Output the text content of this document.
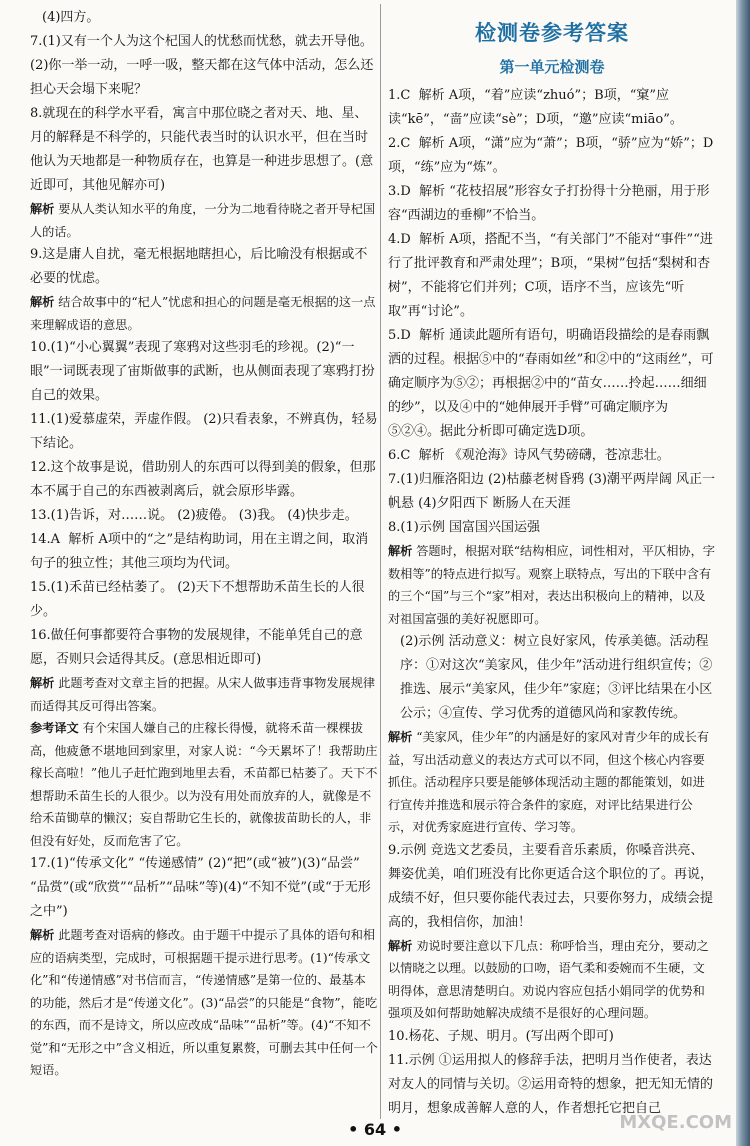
(4)四方。

7.(1)又有一个人为这个杞国人的忧愁而忧愁，就去开导他。(2)你一举一动，一呼一吸，整天都在这气体中活动，怎么还担心天会塌下来呢？

8.就现在的科学水平看，寓言中那位晓之者对天、地、星、月的解释是不科学的，只能代表当时的认识水平，但在当时他认为天地都是一种物质存在，也算是一种进步思想了。(意近即可，其他见解亦可)

解析 要从人类认知水平的角度，一分为二地看待晓之者开导杞国人的话。

9.这是庸人自扰，毫无根据地瞎担心，后比喻没有根据或不必要的忧虑。

解析 结合故事中的“杞人”忧虑和担心的问题是毫无根据的这一点来理解成语的意思。

10.(1)“小心翼翼”表现了寒鸦对这些羽毛的珍视。(2)“一眼”一词既表现了宙斯做事的武断，也从侧面表现了寒鸦打扮自己的效果。

11.(1)爱慕虚荣，弄虚作假。 (2)只看表象，不辨真伪，轻易下结论。

12.这个故事是说，借助别人的东西可以得到美的假象，但那本不属于自己的东西被剥离后，就会原形毕露。

13.(1)告诉，对……说。 (2)疲倦。 (3)我。 (4)快步走。

14.A  解析 A项中的“之”是结构助词，用在主谓之间，取消句子的独立性；其他三项均为代词。

15.(1)禾苗已经枯萎了。 (2)天下不想帮助禾苗生长的人很少。

16.做任何事都要符合事物的发展规律，不能单凭自己的意愿，否则只会适得其反。(意思相近即可)

解析 此题考查对文章主旨的把握。从宋人做事违背事物发展规律而适得其反可得出答案。

参考译文 有个宋国人嫌自己的庄稼长得慢，就将禾苗一棵棵拔高，他疲惫不堪地回到家里，对家人说：“今天累坏了！我帮助庄稼长高啦！”他儿子赶忙跑到地里去看，禾苗都已枯萎了。天下不想帮助禾苗生长的人很少。以为没有用处而放弃的人，就像是不给禾苗锄草的懒汉；妄自帮助它生长的，就像拔苗助长的人，非但没有好处，反而危害了它。

17.(1)“传承文化” “传递感情” (2)“把”(或“被”)(3)“品尝” “品赏”(或“欣赏”“品析”“品味”等)(4)“不知不觉”(或“于无形之中”)

解析 此题考查对语病的修改。由于题干中提示了具体的语句和相应的语病类型，完成时，可根据题干提示进行思考。(1)“传承文化”和“传递情感”对书信而言，“传递情感”是第一位的、最基本的功能，然后才是“传递文化”。(3)“品尝”的只能是“食物”，能吃的东西，而不是诗文，所以应改成“品味”“品析”等。(4)“不知不觉”和“无形之中”含义相近，所以重复累赘，可删去其中任何一个短语。

检测卷参考答案
第一单元检测卷

1.C  解析 A项，“着”应读“zhuó”；B项，“窠”应读“kē”，“啬”应读“sè”；D项，“邀”应读“miāo”。

2.C  解析 A项，“潇”应为“萧”；B项，“骄”应为“娇”；D项，“练”应为“炼”。

3.D  解析 “花枝招展”形容女子打扮得十分艳丽，用于形容“西湖边的垂柳”不恰当。

4.D  解析 A项，搭配不当，“有关部门”不能对“事件”“进行了批评教育和严肃处理”；B项，“果树”包括“梨树和杏树”，不能将它们并列；C项，语序不当，应该先“听取”再“讨论”。

5.D  解析 通读此题所有语句，明确语段描绘的是春雨飘洒的过程。根据⑤中的“春雨如丝”和②中的“这雨丝”，可确定顺序为⑤②；再根据②中的“苗女……拎起……细细的纱”，以及④中的“她伸展开手臂”可确定顺序为⑤②④。据此分析即可确定选D项。

6.C  解析 《观沧海》诗风气势磅礴，苍凉悲壮。

7.(1)归雁洛阳边 (2)枯藤老树昏鸦 (3)潮平两岸阔 风正一帆悬 (4)夕阳西下 断肠人在天涯

8.(1)示例 国富国兴国运强

解析 答题时，根据对联“结构相应，词性相对，平仄相协，字数相等”的特点进行拟写。观察上联特点，写出的下联中含有的三个“国”与三个“家”相对，表达出积极向上的精神，以及对祖国富强的美好祝愿即可。

(2)示例 活动意义：树立良好家风，传承美德。活动程序：①对这次“美家风，佳少年”活动进行组织宣传；②推选、展示“美家风，佳少年”家庭；③评比结果在小区公示；④宣传、学习优秀的道德风尚和家教传统。

解析 “美家风，佳少年”的内涵是好的家风对青少年的成长有益，写出活动意义的表达方式可以不同，但这个核心内容要抓住。活动程序只要是能够体现活动主题的都能策划，如进行宣传并推选和展示符合条件的家庭，对评比结果进行公示，对优秀家庭进行宣传、学习等。

9.示例 竞选文艺委员，主要看音乐素质，你嗓音洪亮、舞姿优美，咱们班没有比你更适合这个职位的了。再说，成绩不好，但只要你能代表过去，只要你努力，成绩会提高的，我相信你，加油！

解析 劝说时要注意以下几点：称呼恰当，理由充分，要动之以情晓之以理。以鼓励的口吻，语气柔和委婉而不生硬，文明得体，意思清楚明白。劝说内容应包括小娟同学的优势和强项及如何帮助她解决成绩不是很好的心理问题。

10.杨花、子规、明月。(写出两个即可)

11.示例 ①运用拟人的修辞手法，把明月当作使者，表达对友人的同情与关切。②运用奇特的想象，把无知无情的明月，想象成善解人意的人，作者想托它把自己

• 64 •	MXQE.COM
